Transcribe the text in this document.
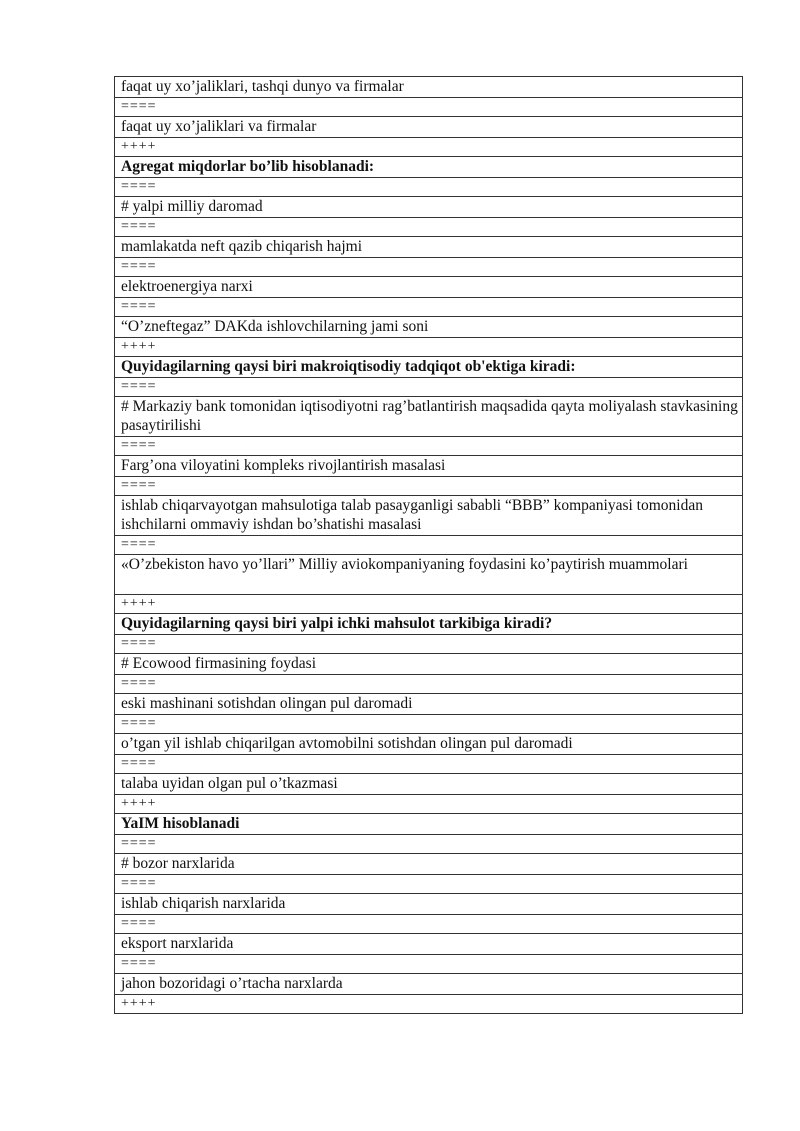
faqat uy xo’jaliklari, tashqi dunyo va firmalar
====
faqat uy xo’jaliklari va firmalar
++++
Agregat miqdorlar bo’lib hisoblanadi:
====
# yalpi milliy daromad
====
mamlakatda neft qazib chiqarish hajmi
====
elektroenergiya narxi
====
“O’zneftegaz” DAKda ishlovchilarning jami soni
++++
Quyidagilarning qaysi biri makroiqtisodiy tadqiqot ob'ektiga kiradi:
====
# Markaziy bank tomonidan iqtisodiyotni rag’batlantirish maqsadida qayta moliyalash stavkasining pasaytirilishi
====
Farg’ona viloyatini kompleks rivojlantirish masalasi
====
ishlab chiqarvayotgan mahsulotiga talab pasayganligi sababli “BBB” kompaniyasi tomonidan ishchilarni ommaviy ishdan bo’shatishi masalasi
====
«O’zbekiston havo yo’llari” Milliy aviokompaniyaning foydasini ko’paytirish muammolari
++++
Quyidagilarning qaysi biri yalpi ichki mahsulot tarkibiga kiradi?
====
# Ecowood firmasining foydasi
====
eski mashinani sotishdan olingan pul daromadi
====
o’tgan yil ishlab chiqarilgan avtomobilni sotishdan olingan pul daromadi
====
talaba uyidan olgan pul o’tkazmasi
++++
YaIM hisoblanadi
====
# bozor narxlarida
====
ishlab chiqarish narxlarida
====
eksport narxlarida
====
jahon bozoridagi o’rtacha narxlarda
++++
